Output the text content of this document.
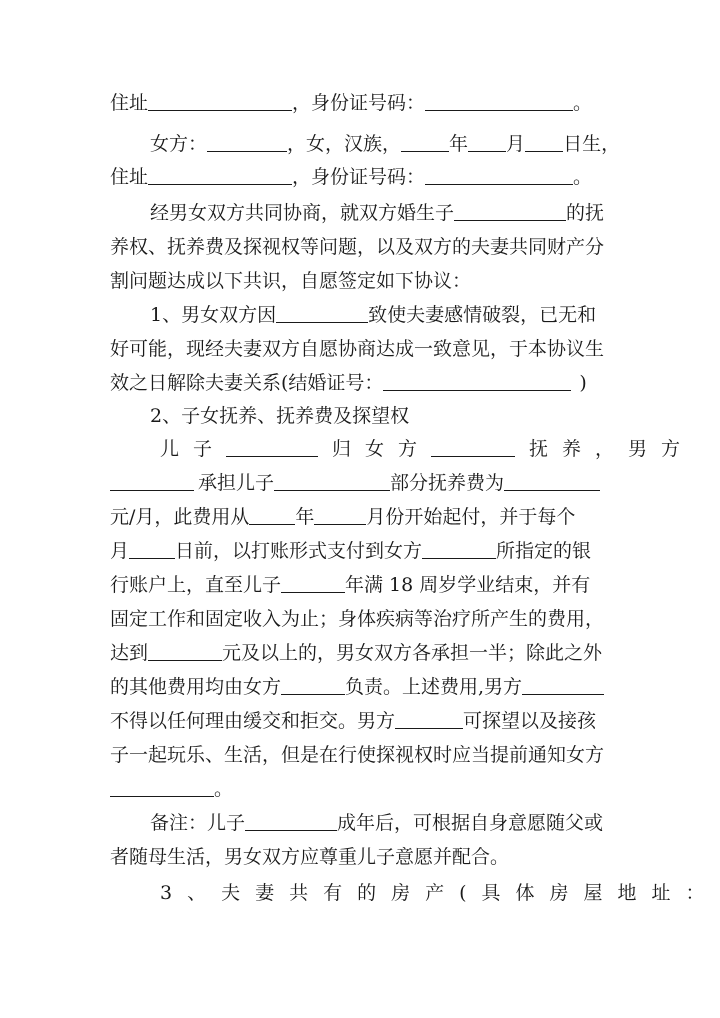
住址	，身份证号码：	。
女方：	，女，汉族，	年 月 日生，
住址	，身份证号码：	。
经男女双方共同协商，就双方婚生子	的抚
养权、抚养费及探视权等问题，以及双方的夫妻共同财产分
割问题达成以下共识，自愿签定如下协议：
1、男女双方因	致使夫妻感情破裂，已无和
好可能，现经夫妻双方自愿协商达成一致意见，于本协议生
效之日解除夫妻关系(结婚证号：	)
2、子女抚养、抚养费及探望权
儿子	归女方	抚养，男方
承担儿子	部分抚养费为
元/月，此费用从 年	月份开始起付，并于每个
月 日前，以打账形式支付到女方	所指定的银
行账户上，直至儿子	年满 18 周岁学业结束，并有
固定工作和固定收入为止；身体疾病等治疗所产生的费用，
达到	元及以上的，男女双方各承担一半；除此之外
的其他费用均由女方	负责。上述费用,男方
不得以任何理由缓交和拒交。男方	可探望以及接孩
子一起玩乐、生活，但是在行使探视权时应当提前通知女方
。
备注：儿子	成年后，可根据自身意愿随父或
者随母生活，男女双方应尊重儿子意愿并配合。
3、夫妻共有的房产(具体房屋地址：
